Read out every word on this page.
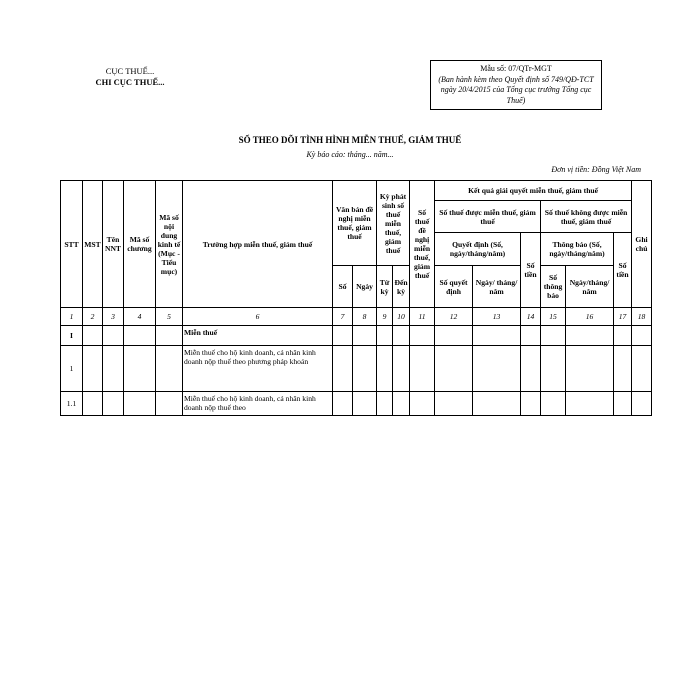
CỤC THUẾ...
CHI CỤC THUẾ...
Mẫu số: 07/QTr-MGT
(Ban hành kèm theo Quyết định số 749/QĐ-TCT ngày 20/4/2015 của Tổng cục trưởng Tổng cục Thuế)
SỔ THEO DÕI TÌNH HÌNH MIỄN THUẾ, GIẢM THUẾ
Kỳ báo cáo: tháng... năm...
Đơn vị tiền: Đồng Việt Nam
STT	MST	Tên NNT	Mã số chương	Mã số nội dung kinh tế (Mục - Tiểu mục)	Trường hợp miễn thuế, giảm thuế	Văn bản đề nghị miễn thuế, giảm thuế		Kỳ phát sinh số thuế miễn thuế, giảm thuế		Số thuế đề nghị miễn thuế, giảm thuế	Kết quả giải quyết miễn thuế, giảm thuế						Ghi chú
											Số thuế được miễn thuế, giảm thuế			Số thuế không được miễn thuế, giảm thuế			
											Quyết định (Số, ngày/tháng/năm)		Số tiền	Thông báo (Số, ngày/tháng/năm)		Số tiền	
						Số	Ngày	Từ kỳ	Đến kỳ		Số quyết định	Ngày/ tháng/ năm		Số thông báo	Ngày/tháng/ năm		
1	2	3	4	5	6	7	8	9	10	11	12	13	14	15	16	17	18
I					Miễn thuế												
1					Miễn thuế cho hộ kinh doanh, cá nhân kinh doanh nộp thuế theo phương pháp khoán												
1.1					Miễn thuế cho hộ kinh doanh, cá nhân kinh doanh nộp thuế theo												
